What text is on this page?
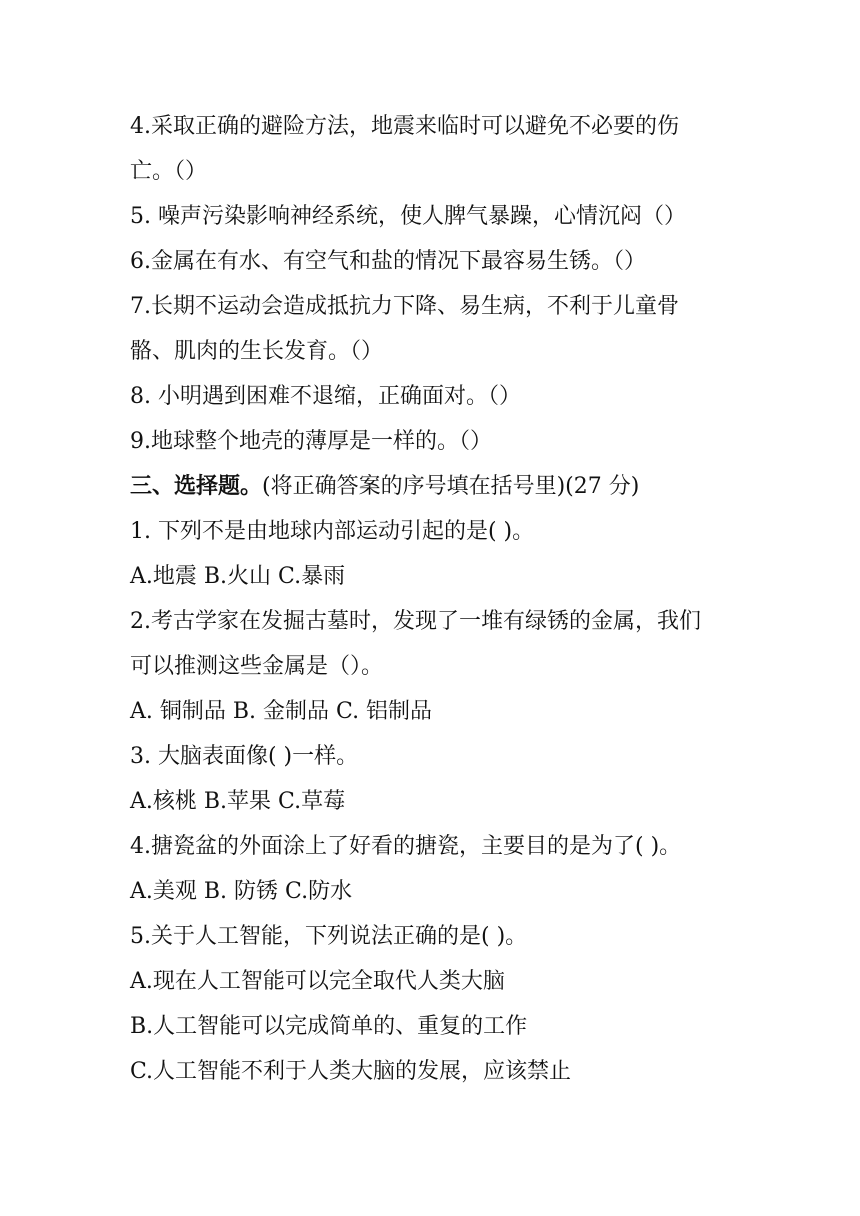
4.采取正确的避险方法，地震来临时可以避免不必要的伤
亡。（）
5. 噪声污染影响神经系统，使人脾气暴躁，心情沉闷（）
6.金属在有水、有空气和盐的情况下最容易生锈。（）
7.长期不运动会造成抵抗力下降、易生病，不利于儿童骨
骼、肌肉的生长发育。（）
8. 小明遇到困难不退缩，正确面对。（）
9.地球整个地壳的薄厚是一样的。（）
三、选择题。(将正确答案的序号填在括号里)(27 分)
1. 下列不是由地球内部运动引起的是( )。
A.地震 B.火山 C.暴雨
2.考古学家在发掘古墓时，发现了一堆有绿锈的金属，我们
可以推测这些金属是（）。
A. 铜制品 B. 金制品 C. 铝制品
3. 大脑表面像( )一样。
A.核桃 B.苹果 C.草莓
4.搪瓷盆的外面涂上了好看的搪瓷，主要目的是为了( )。
A.美观 B. 防锈 C.防水
5.关于人工智能，下列说法正确的是( )。
A.现在人工智能可以完全取代人类大脑
B.人工智能可以完成简单的、重复的工作
C.人工智能不利于人类大脑的发展，应该禁止
